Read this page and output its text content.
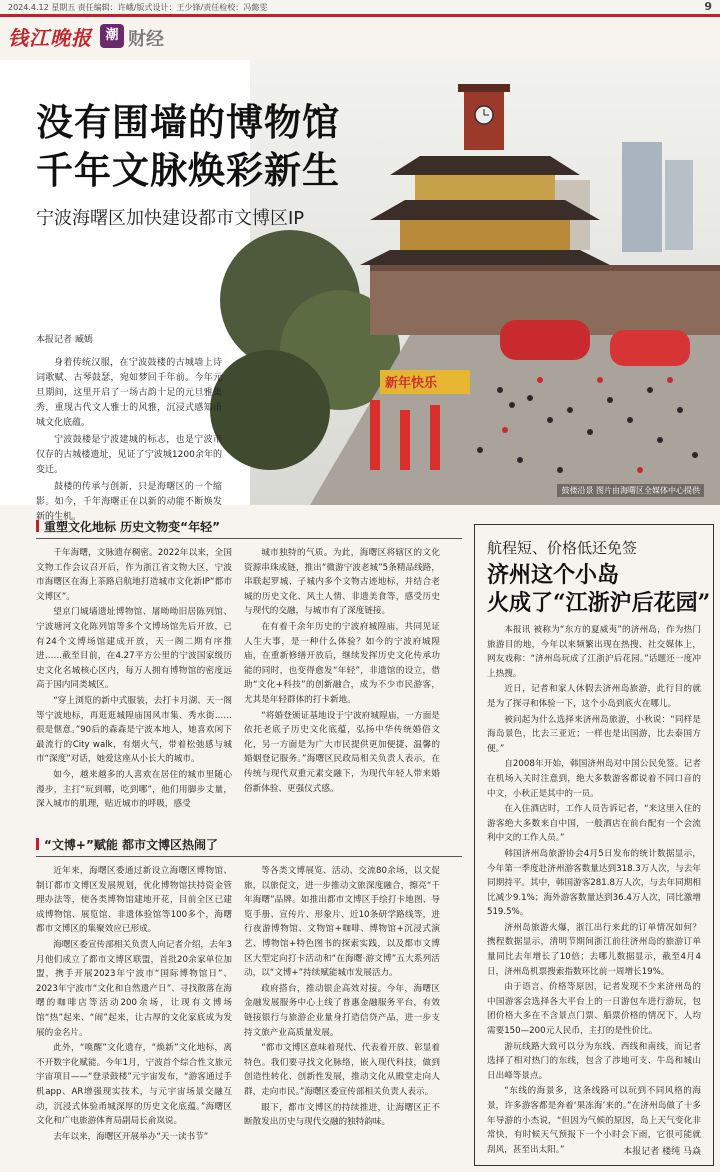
2024.4.12 星期五 责任编辑：许峨/版式设计：王少锋/责任检校：冯懿雯	9
钱江晚报	潮 财经
新年快乐
没有围墙的博物馆
千年文脉焕彩新生
宁波海曙区加快建设都市文博区IP
本报记者 臧嫣

身着传统汉服，在宁波鼓楼的古城墙上诗词歌赋、古琴鼓瑟，宛如梦回千年前。今年元旦期间，这里开启了一场古韵十足的元旦雅集秀，重现古代文人雅士的风雅，沉浸式感知甬城文化底蕴。

宁波鼓楼是宁波建城的标志，也是宁波市仅存的古城楼遗址，见证了宁波城1200余年的变迁。

鼓楼的传承与创新，只是海曙区的一个缩影。如今，千年海曙正在以新的动能不断焕发新的生机。

鼓楼沿景 图片由海曙区全媒体中心提供
重塑文化地标 历史文物变“年轻”

千年海曙，文脉遗存稠密。2022年以来，全国文物工作会议召开后，作为浙江省文物大区，宁波市海曙区在海上茶路启航地打造城市文化新IP“都市文博区”。

望京门城墙遗址博物馆、屠呦呦旧居陈列馆、宁波塘河文化陈列馆等多个文博场馆先后开放，已有24个文博场馆建成开放，天一阁二期有序推进……截至目前，在4.27平方公里的宁波国家级历史文化名城核心区内，每万人拥有博物馆的密度远高于国内同类城区。

“穿上浏览的新中式服装，去打卡月湖、天一阁等宁波地标，再逛逛城隍庙国风市集、秀水街……很是惬意。”90后的森森是宁波本地人，她喜欢闲下最流行的City walk，有烟火气，带着松弛感与城市“深度”对话，她爱这座从小长大的城市。

如今，越来越多的人喜欢在居住的城市里随心漫步，主打“玩到哪，吃到哪”，他们用脚步丈量，深入城市的肌理，贴近城市的呼吸，感受

城市独特的气质。为此，海曙区将辖区的文化资源串珠成链，推出“微游宁波老城”5条精品线路，串联起罗城、子城内多个文物古迹地标，并结合老城的历史文化、风土人情、非遗美食等，感受历史与现代的交融，与城市有了深度链接。

在有着千余年历史的宁波府城隍庙，共同见证人生大事，是一种什么体验？如今的宁波府城隍庙，在重新修缮开放后，继续发挥历史文化传承功能的同时，也变得愈发“年轻”，非遗馆的设立，借助“文化+科技”的创新融合，成为不少市民游客，尤其是年轻群体的打卡新地。

“将婚登颁证基地设于宁波府城隍庙，一方面是依托老底子历史文化底蕴，弘扬中华传统婚俗文化，另一方面是为广大市民提供更加便捷、温馨的婚姻登记服务。”海曙区民政局相关负责人表示，在传统与现代双重元素交融下，为现代年轻人带来婚俗新体验、更强仪式感。

“文博+”赋能 都市文博区热闹了

近年来，海曙区委通过新设立海曙区博物馆、制订都市文博区发展规划，优化博物馆扶持资金管理办法等，使各类博物馆建地开花，目前全区已建成博物馆、展览馆、非遗体验馆等100多个，海曙都市文博区的集聚效应已形成。

海曙区委宣传部相关负责人向记者介绍，去年3月他们成立了都市文博区联盟，首批20余家单位加盟，携手开展2023年宁波市“国际博物馆日”、2023年宁波市“文化和自然遗产日”、寻找散落在海曙的咖啡店等活动200余场，让现有文博场馆“热”起来、“闹”起来，让古厚的文化家底成为发展的金名片。

此外，“唤醒”文化遗存，“焕新”文化地标，离不开数字化赋能。今年1月，宁波首个综合性文旅元宇宙项目——“登录鼓楼”元宇宙发布，“游客通过手机app、AR增强现实技术，与元宇宙场景交融互动，沉浸式体验甬城深厚的历史文化底蕴。”海曙区文化和广电旅游体育局副局长俞岚说。

去年以来，海曙区开展举办“天一读书节”

等各类文博展览、活动、交流80余场，以文促旅，以旅促文，进一步推动文旅深度融合，擦亮“千年海曙”品牌。如推出都市文博区手绘打卡地图、导览手册、宣传片、形象片、近10条研学路线等，进行夜游博物馆、文物馆+咖啡、博物馆+沉浸式演艺、博物馆+特色图书的探索实践，以及都市文博区大型定向打卡活动和“在海曙·游文博”五大系列活动，以“文博+”持续赋能城市发展活力。

政府搭台，推动银企高效对接。今年，海曙区金融发展服务中心上线了普惠金融服务平台，有效链接银行与旅游企业量身打造信贷产品，进一步支持文旅产业高质量发展。

“都市文博区意味着现代、代表着开放、彰显着特色。我们要寻找文化脉络，嵌入现代科技，做到创造性转化、创新性发展，推动文化从殿堂走向人群，走向市民。”海曙区委宣传部相关负责人表示。

眼下，都市文博区的持续推进，让海曙区正不断散发出历史与现代交融的独特韵味。

航程短、价格低还免签
济州这个小岛
火成了“江浙沪后花园”

本报讯 被称为“东方的夏威夷”的济州岛，作为热门旅游目的地，今年以来频繁出现在热搜、社交媒体上，网友戏称：“济州岛玩成了江浙沪后花园。”话题还一度冲上热搜。

近日，记者和家人休假去济州岛旅游，此行目的就是为了探寻和体验一下，这个小岛到底火在哪儿。

被问起为什么选择来济州岛旅游，小秋说：“同样是海岛景色，比去三亚近；一样也是出国游，比去泰国方便。”

自2008年开始，韩国济州岛对中国公民免签。记者在机场入关时注意到，绝大多数游客都说着不同口音的中文，小秋正是其中的一员。

在入住酒店时，工作人员告诉记者，“来这里入住的游客绝大多数来自中国，一般酒店在前台配有一个会流利中文的工作人员。”

韩国济州岛旅游协会4月5日发布的统计数据显示，今年第一季度赴济州游客数量达到318.3万人次，与去年同期持平。其中，韩国游客281.8万人次，与去年同期相比减少9.1%；海外游客数量达到36.4万人次，同比激增519.5%。

济州岛旅游火爆，浙江出行来此的订单情况如何？携程数据显示，清明节期间浙江前往济州岛的旅游订单量同比去年增长了10倍；去哪儿数据显示，截至4月4日，济州岛机票搜索指数环比前一周增长19%。

由于语言、价格等原因，记者发现不少来济州岛的中国游客会选择各大平台上的一日游包车进行游玩，包团价格大多在不含景点门票、船票价格的情况下，人均需要150—200元人民币，主打的是性价比。

游玩线路大致可以分为东线、西线和南线，而记者选择了相对热门的东线，包含了涉地可支、牛岛和城山日出峰等景点。

“东线的海景多，这条线路可以玩到不同风格的海景，许多游客都是奔着‘果冻海’来的。”在济州岛做了十多年导游的小杰说，“但因为气候的原因，岛上天气变化非常快，有时候天气预报下一个小时会下雨，它很可能就刮风，甚至出太阳。”	本报记者 楼纯 马焱
